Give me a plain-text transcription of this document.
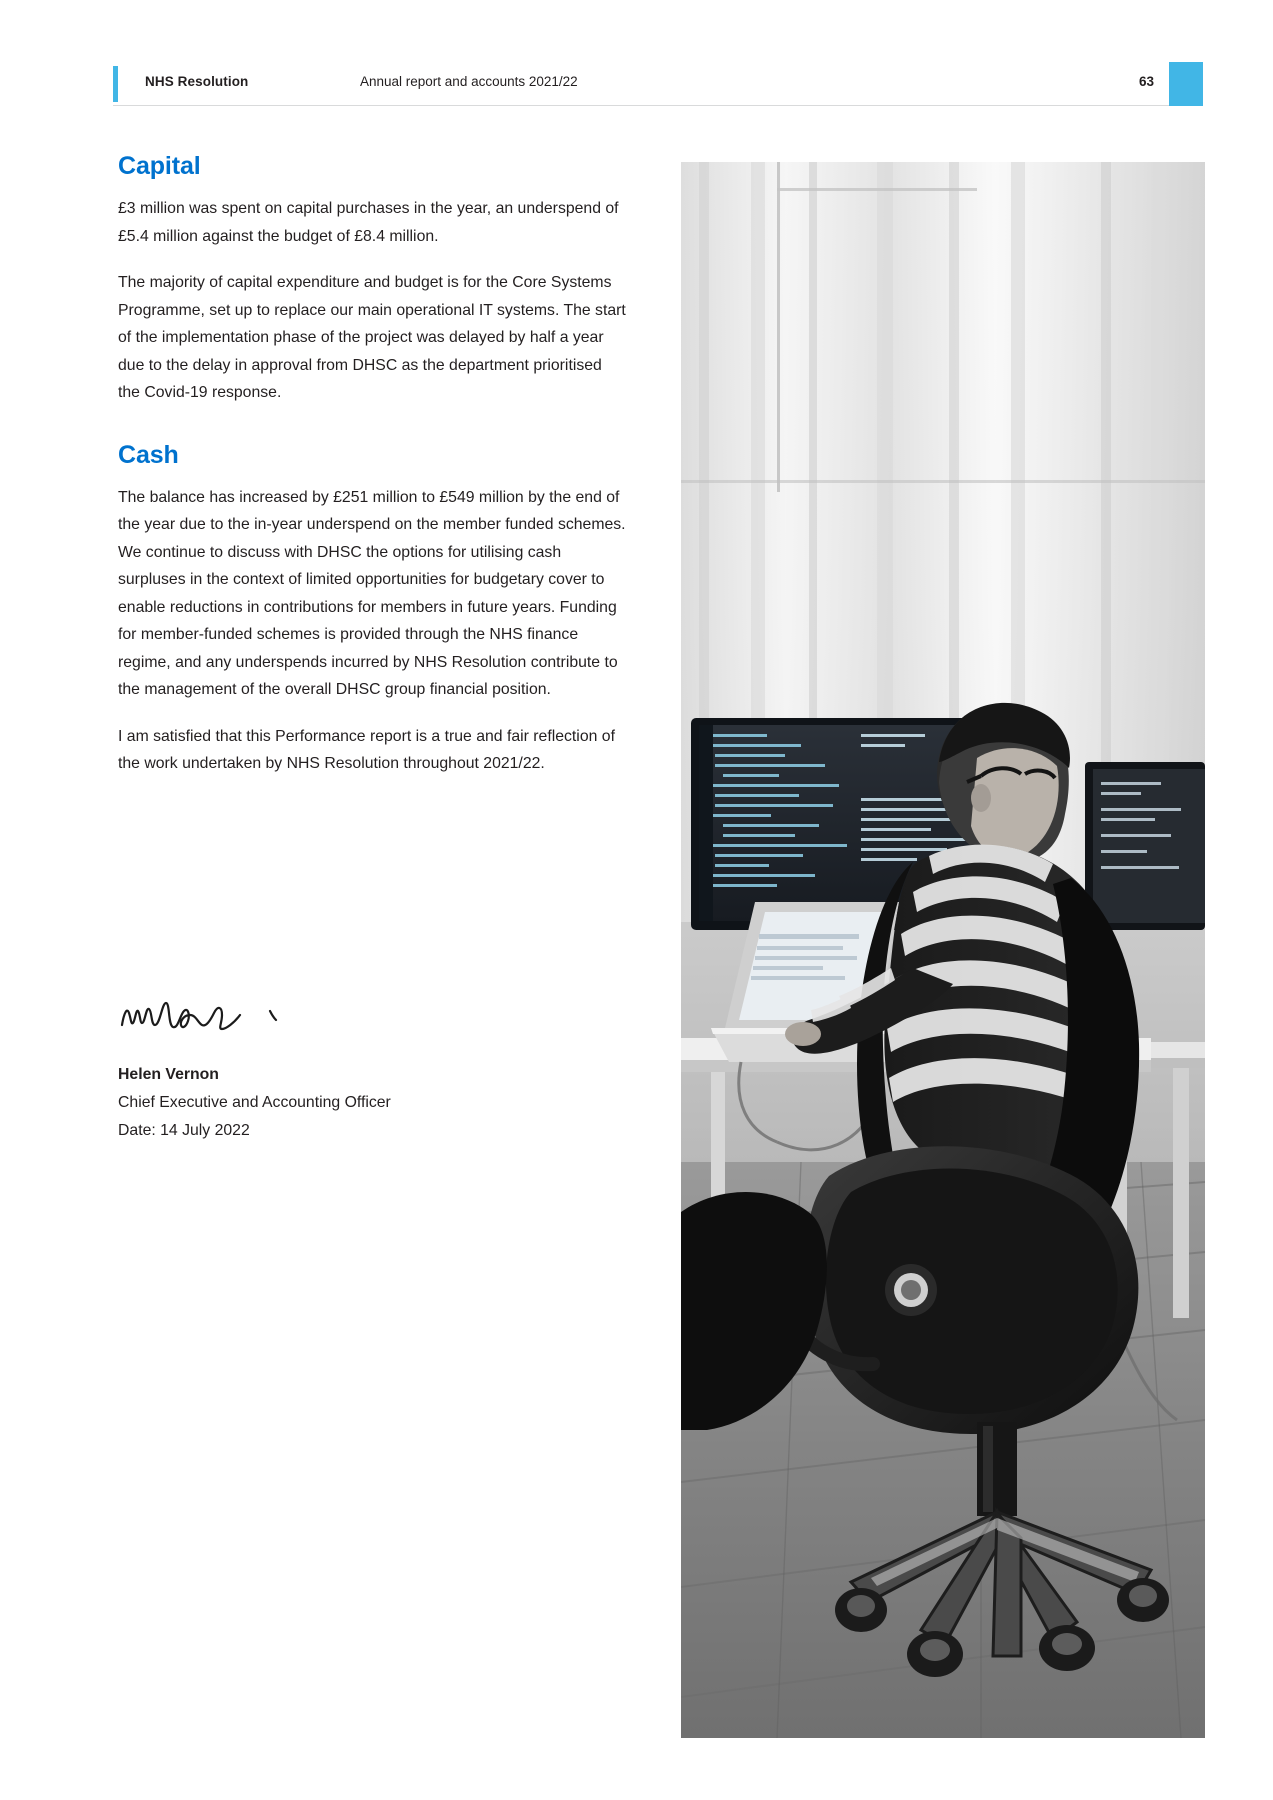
NHS Resolution	Annual report and accounts 2021/22	63
Capital

£3 million was spent on capital purchases in the year, an underspend of £5.4 million against the budget of £8.4 million.

The majority of capital expenditure and budget is for the Core Systems Programme, set up to replace our main operational IT systems. The start of the implementation phase of the project was delayed by half a year due to the delay in approval from DHSC as the department prioritised the Covid-19 response.

Cash

The balance has increased by £251 million to £549 million by the end of the year due to the in-year underspend on the member funded schemes. We continue to discuss with DHSC the options for utilising cash surpluses in the context of limited opportunities for budgetary cover to enable reductions in contributions for members in future years. Funding for member-funded schemes is provided through the NHS finance regime, and any underspends incurred by NHS Resolution contribute to the management of the overall DHSC group financial position.

I am satisfied that this Performance report is a true and fair reflection of the work undertaken by NHS Resolution throughout 2021/22.

Helen Vernon
Chief Executive and Accounting Officer
Date: 14 July 2022
